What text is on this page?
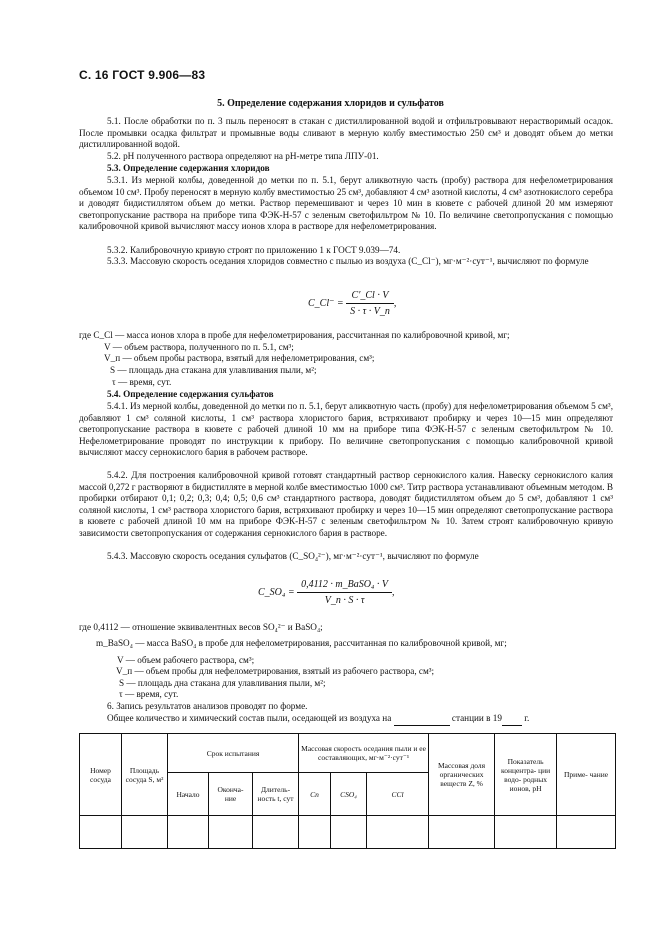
С. 16 ГОСТ 9.906—83
5. Определение содержания хлоридов и сульфатов
5.1. После обработки по п. 3 пыль переносят в стакан с дистиллированной водой и отфильтровывают нерастворимый осадок. После промывки осадка фильтрат и промывные воды сливают в мерную колбу вместимостью 250 см³ и доводят объем до метки дистиллированной водой.
5.2. pH полученного раствора определяют на pH-метре типа ЛПУ-01.
5.3. Определение содержания хлоридов
5.3.1. Из мерной колбы, доведенной до метки по п. 5.1, берут аликвотную часть (пробу) раствора для нефелометрирования объемом 10 см³. Пробу переносят в мерную колбу вместимостью 25 см³, добавляют 4 см³ азотной кислоты, 4 см³ азотнокислого серебра и доводят бидистиллятом объем до метки. Раствор перемешивают и через 10 мин в кювете с рабочей длиной 20 мм измеряют светопропускание раствора на приборе типа ФЭК-Н-57 с зеленым светофильтром № 10. По величине светопропускания с помощью калибровочной кривой вычисляют массу ионов хлора в растворе для нефелометрирования.
5.3.2. Калибровочную кривую строят по приложению 1 к ГОСТ 9.039—74.
5.3.3. Массовую скорость оседания хлоридов совместно с пылью из воздуха (C_Cl⁻), мг·м⁻²·сут⁻¹, вычисляют по формуле
C_Cl⁻ = $\frac{C'\_Cl \cdot V}{S \cdot \tau \cdot V\_п}$ ,
где C_Cl — масса ионов хлора в пробе для нефелометрирования, рассчитанная по калибровочной кривой, мг;
V — объем раствора, полученного по п. 5.1, см³;
V_п — объем пробы раствора, взятый для нефелометрирования, см³;
S — площадь дна стакана для улавливания пыли, м²;
τ — время, сут.
5.4. Определение содержания сульфатов
5.4.1. Из мерной колбы, доведенной до метки по п. 5.1, берут аликвотную часть (пробу) для нефелометрирования объемом 5 см³, добавляют 1 см³ соляной кислоты, 1 см³ раствора хлористого бария, встряхивают пробирку и через 10—15 мин определяют светопропускание раствора в кювете с рабочей длиной 10 мм на приборе типа ФЭК-Н-57 с зеленым светофильтром № 10. Нефелометрирование проводят по инструкции к прибору. По величине светопропускания с помощью калибровочной кривой вычисляют массу сернокислого бария в рабочем растворе.
5.4.2. Для построения калибровочной кривой готовят стандартный раствор сернокислого калия. Навеску сернокислого калия массой 0,272 г растворяют в бидистилляте в мерной колбе вместимостью 1000 см³. Титр раствора устанавливают объемным методом. В пробирки отбирают 0,1; 0,2; 0,3; 0,4; 0,5; 0,6 см³ стандартного раствора, доводят бидистиллятом объем до 5 см³, добавляют 1 см³ соляной кислоты, 1 см³ раствора хлористого бария, встряхивают пробирку и через 10—15 мин определяют светопропускание раствора в кювете с рабочей длиной 10 мм на приборе ФЭК-Н-57 с зеленым светофильтром № 10. Затем строят калибровочную кривую зависимости светопропускания от содержания сернокислого бария в растворе.
5.4.3. Массовую скорость оседания сульфатов (C_SO₄²⁻), мг·м⁻²·сут⁻¹, вычисляют по формуле
C_SO₄ = $\frac{\text{0,4112 · m\_BaSO₄ · V}}{V\_п \cdot S \cdot \tau}$ ,
где 0,4112 — отношение эквивалентных весов SO₄²⁻ и BaSO₄;
m_BaSO₄ — масса BaSO₄ в пробе для нефелометрирования, рассчитанная по калибровочной кривой, мг;
V — объем рабочего раствора, см³;
V_п — объем пробы для нефелометрирования, взятый из рабочего раствора, см³;
S — площадь дна стакана для улавливания пыли, м²;
τ — время, сут.
6. Запись результатов анализов проводят по форме.
Общее количество и химический состав пыли, оседающей из воздуха на	станции в 19 г.
Номер сосуда	Площадь сосуда S, м²	Срок испытания			Массовая скорость оседания пыли и ее составляющих, мг·м⁻²·сут⁻¹			Массовая доля органических веществ Z, %	Показатель концентра- ции водо- родных ионов, pH	Приме- чание
		Начало	Оконча- ние	Длитель- ность t, сут	Cп	CSO₄	CCl			
